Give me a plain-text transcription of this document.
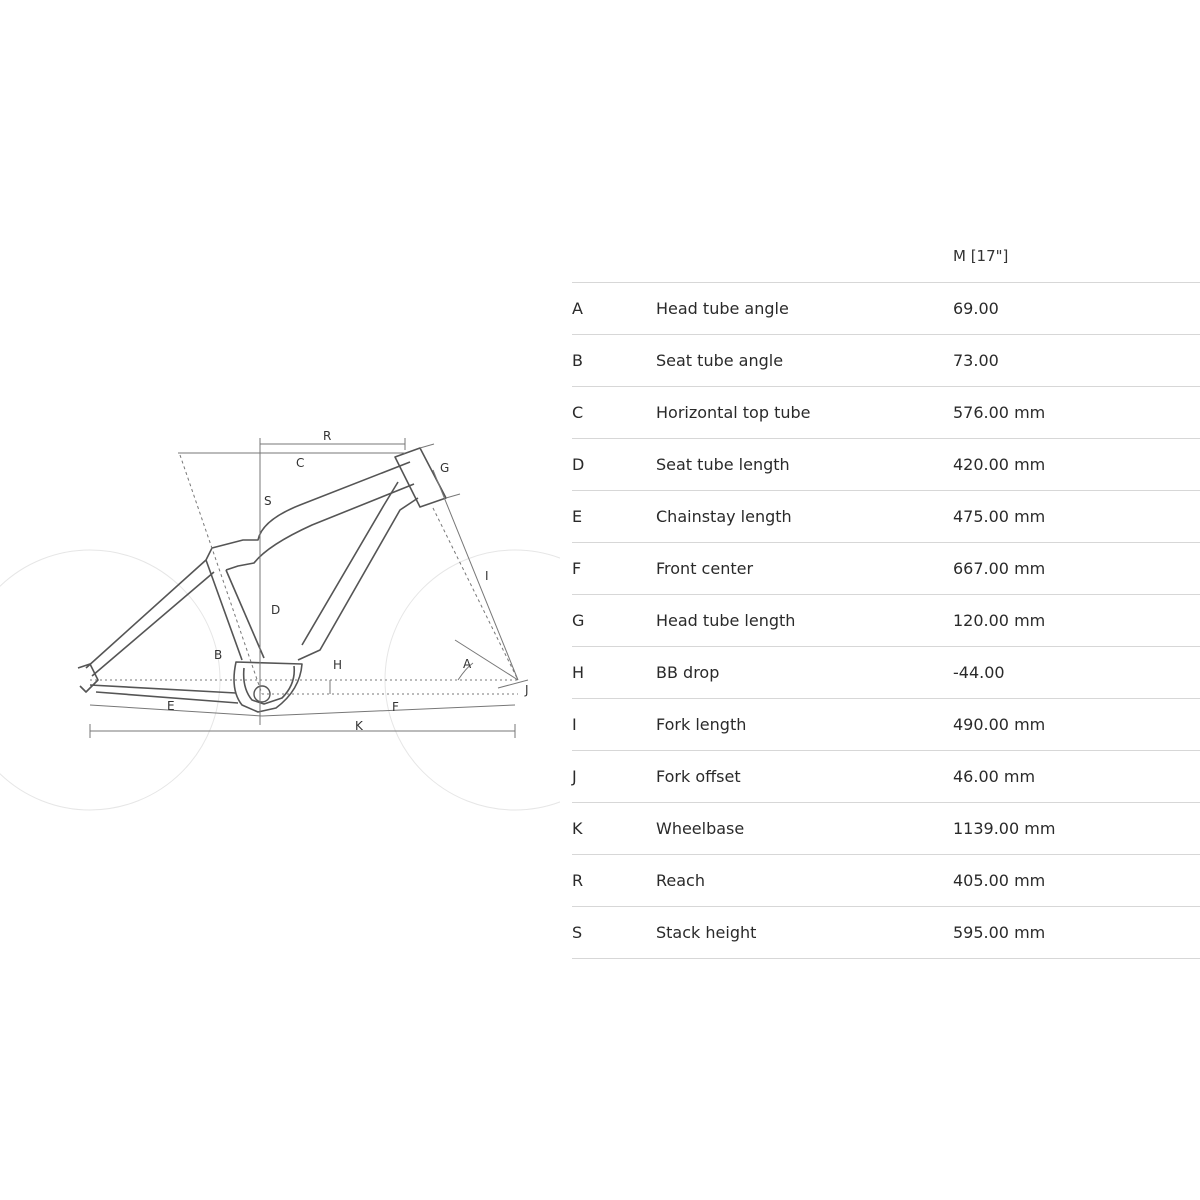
R
C
S
G
D
I
A
B
H
J
E	F
K
M [17"]
A	Head tube angle	69.00
B	Seat tube angle	73.00
C	Horizontal top tube	576.00 mm
D	Seat tube length	420.00 mm
E	Chainstay length	475.00 mm
F	Front center	667.00 mm
G	Head tube length	120.00 mm
H	BB drop	-44.00
I	Fork length	490.00 mm
J	Fork offset	46.00 mm
K	Wheelbase	1139.00 mm
R	Reach	405.00 mm
S	Stack height	595.00 mm
